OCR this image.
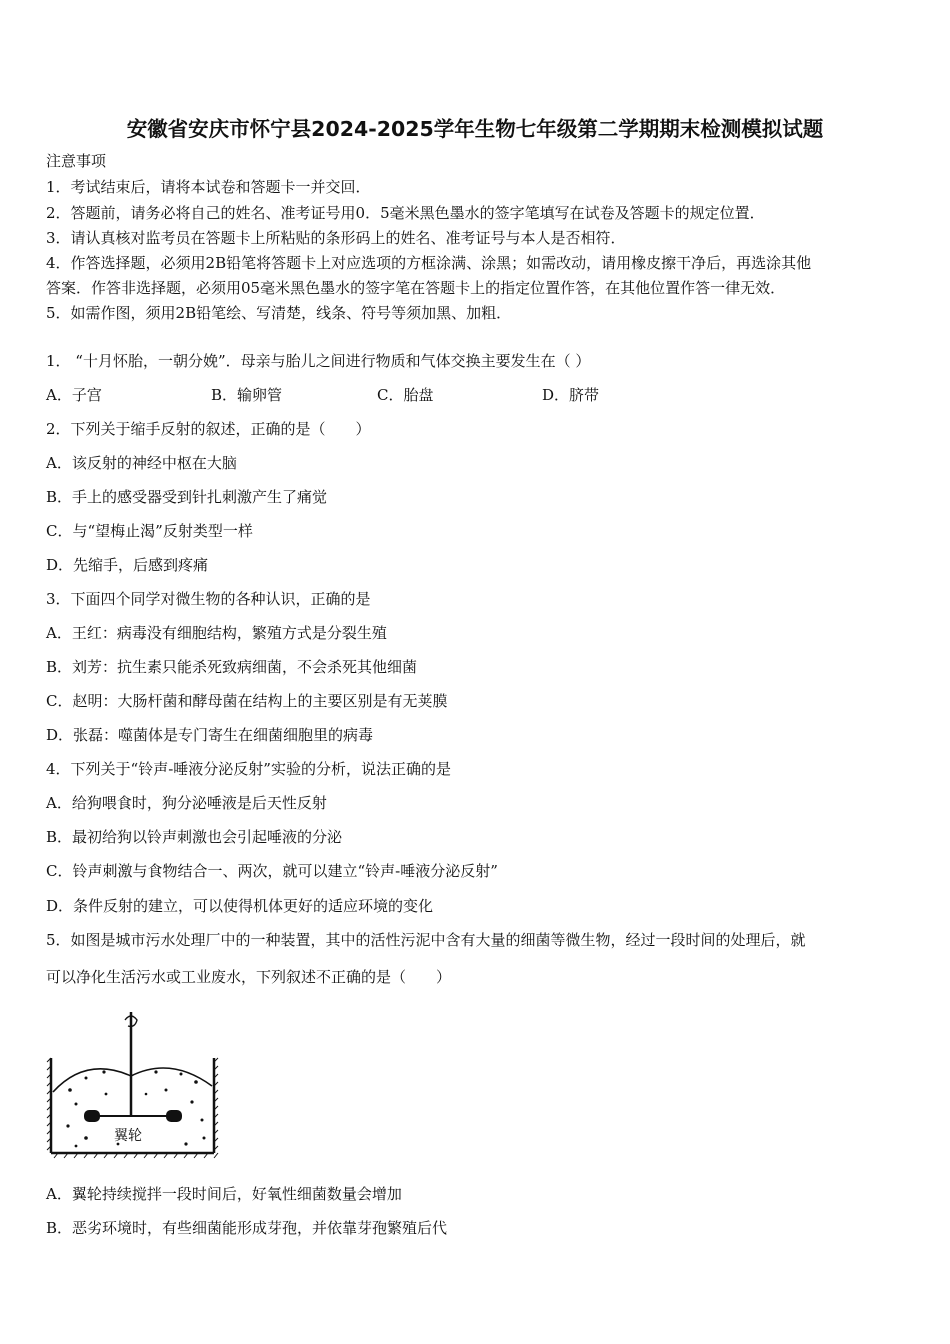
安徽省安庆市怀宁县2024-2025学年生物七年级第二学期期末检测模拟试题
注意事项
1．考试结束后，请将本试卷和答题卡一并交回．
2．答题前，请务必将自己的姓名、准考证号用0．5毫米黑色墨水的签字笔填写在试卷及答题卡的规定位置．
3．请认真核对监考员在答题卡上所粘贴的条形码上的姓名、准考证号与本人是否相符．
4．作答选择题，必须用2B铅笔将答题卡上对应选项的方框涂满、涂黑；如需改动，请用橡皮擦干净后，再选涂其他
答案．作答非选择题，必须用05毫米黑色墨水的签字笔在答题卡上的指定位置作答，在其他位置作答一律无效．
5．如需作图，须用2B铅笔绘、写清楚，线条、符号等须加黑、加粗．
1． “十月怀胎，一朝分娩”．母亲与胎儿之间进行物质和气体交换主要发生在（ ）
A．子宫	B．输卵管	C．胎盘	D．脐带
2．下列关于缩手反射的叙述，正确的是（　　）
A．该反射的神经中枢在大脑
B．手上的感受器受到针扎刺激产生了痛觉
C．与“望梅止渴”反射类型一样
D．先缩手，后感到疼痛
3．下面四个同学对微生物的各种认识，正确的是
A．王红：病毒没有细胞结构，繁殖方式是分裂生殖
B．刘芳：抗生素只能杀死致病细菌，不会杀死其他细菌
C．赵明：大肠杆菌和酵母菌在结构上的主要区别是有无荚膜
D．张磊：噬菌体是专门寄生在细菌细胞里的病毒
4．下列关于“铃声-唾液分泌反射”实验的分析，说法正确的是
A．给狗喂食时，狗分泌唾液是后天性反射
B．最初给狗以铃声刺激也会引起唾液的分泌
C．铃声刺激与食物结合一、两次，就可以建立“铃声-唾液分泌反射”
D．条件反射的建立，可以使得机体更好的适应环境的变化
5．如图是城市污水处理厂中的一种装置，其中的活性污泥中含有大量的细菌等微生物，经过一段时间的处理后，就
可以净化生活污水或工业废水，下列叙述不正确的是（　　）
翼轮
A．翼轮持续搅拌一段时间后，好氧性细菌数量会增加
B．恶劣环境时，有些细菌能形成芽孢，并依靠芽孢繁殖后代
